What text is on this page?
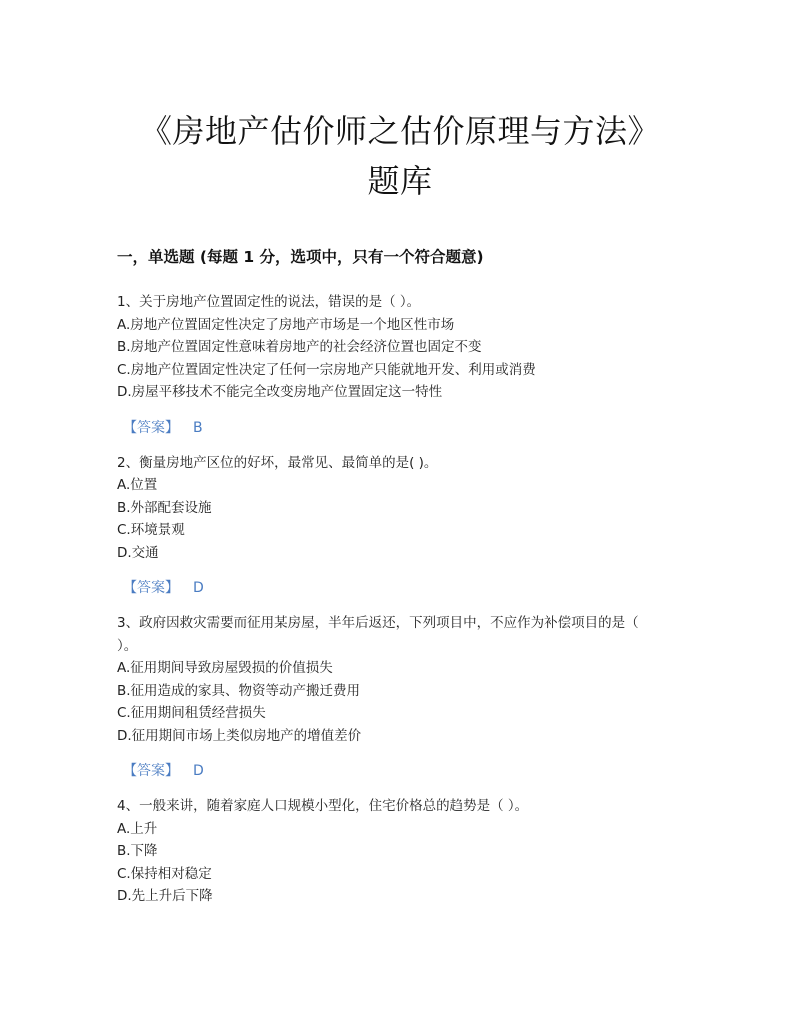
《房地产估价师之估价原理与方法》
题库
一，单选题 (每题 1 分，选项中，只有一个符合题意)
1、关于房地产位置固定性的说法，错误的是（ ）。
A.房地产位置固定性决定了房地产市场是一个地区性市场
B.房地产位置固定性意味着房地产的社会经济位置也固定不变
C.房地产位置固定性决定了任何一宗房地产只能就地开发、利用或消费
D.房屋平移技术不能完全改变房地产位置固定这一特性
【答案】 B
2、衡量房地产区位的好坏，最常见、最简单的是( )。
A.位置
B.外部配套设施
C.环境景观
D.交通
【答案】 D
3、政府因救灾需要而征用某房屋，半年后返还，下列项目中，不应作为补偿项目的是（
）。
A.征用期间导致房屋毁损的价值损失
B.征用造成的家具、物资等动产搬迁费用
C.征用期间租赁经营损失
D.征用期间市场上类似房地产的增值差价
【答案】 D
4、一般来讲，随着家庭人口规模小型化，住宅价格总的趋势是（ ）。
A.上升
B.下降
C.保持相对稳定
D.先上升后下降
